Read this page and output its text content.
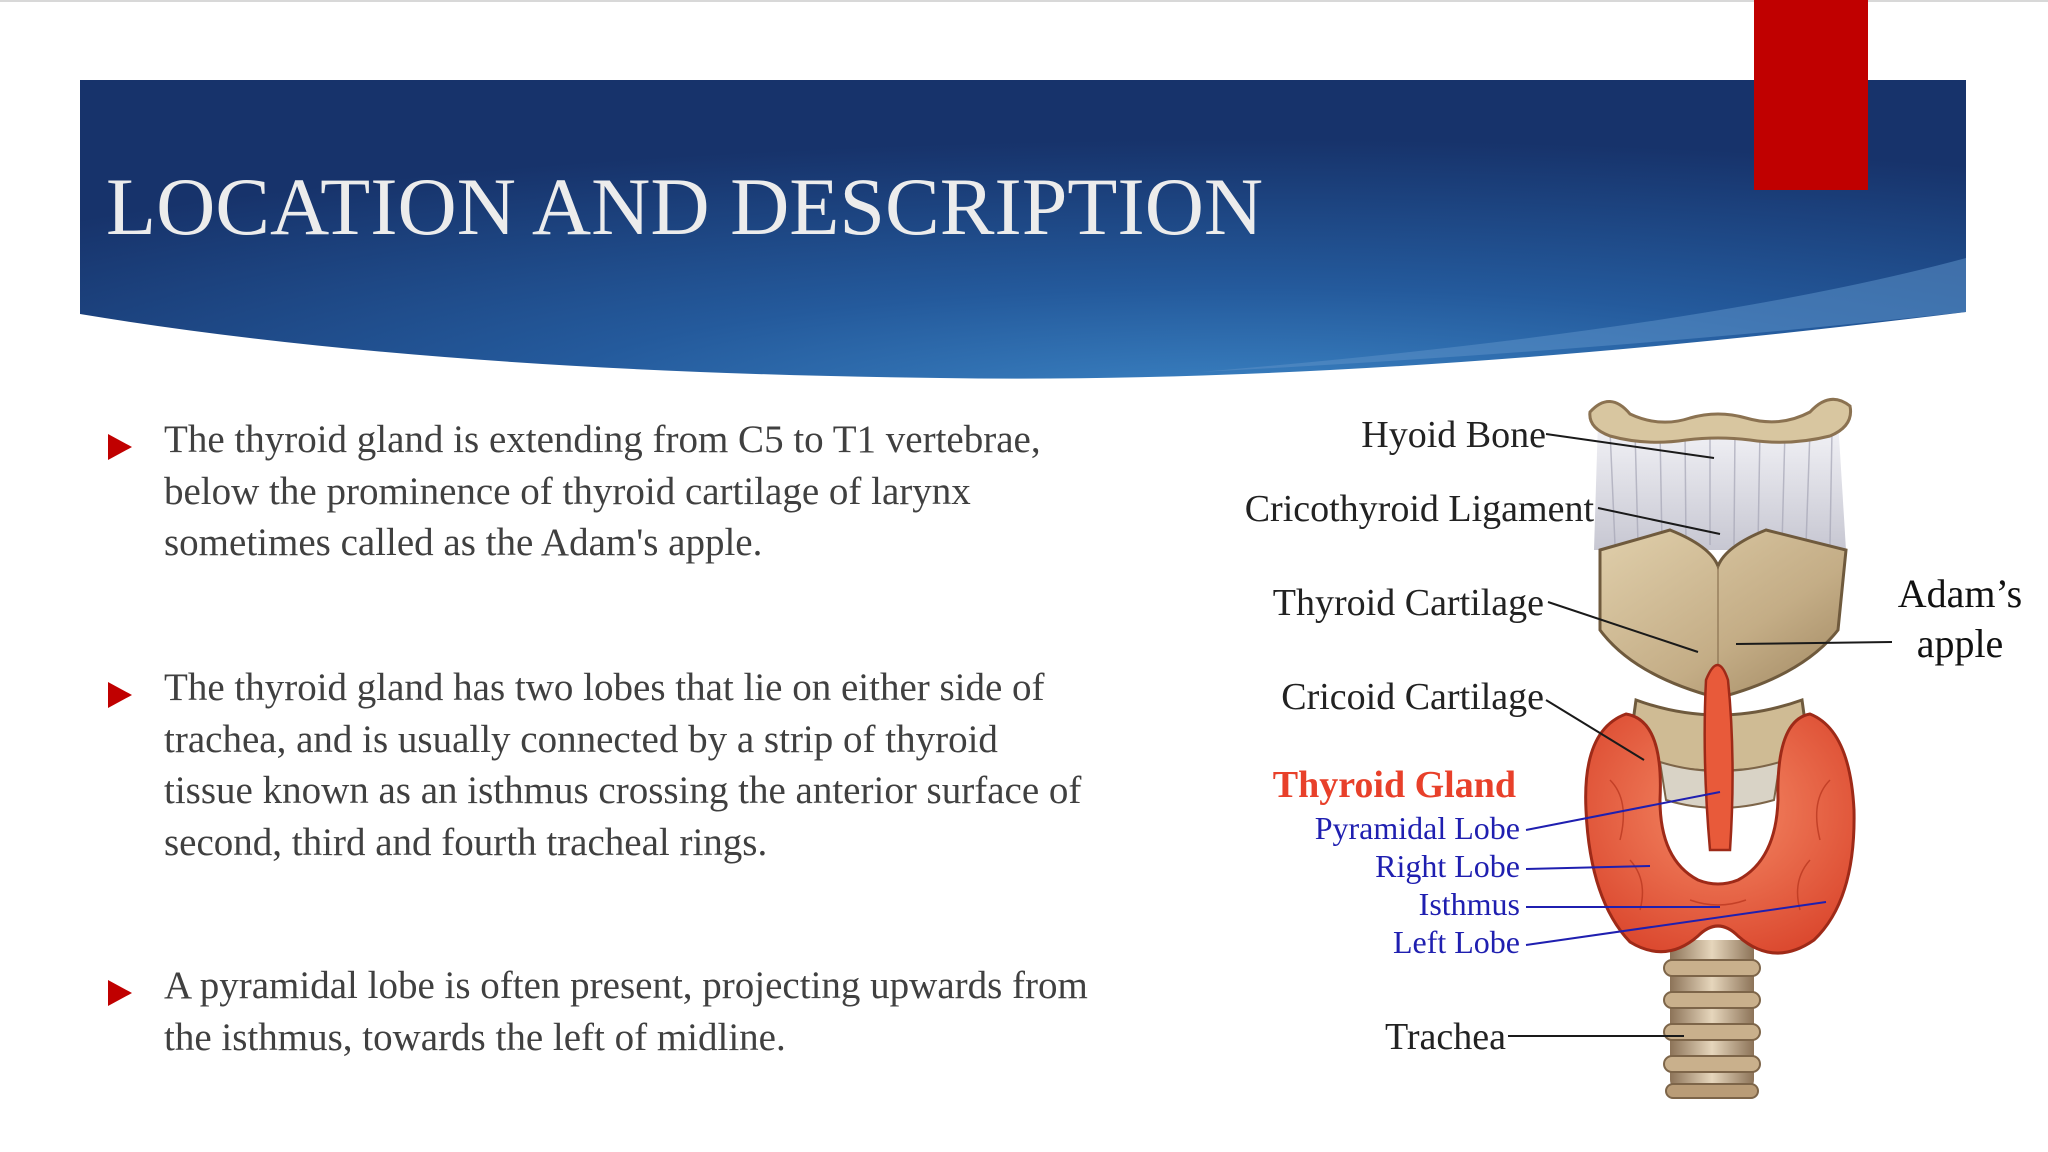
LOCATION AND DESCRIPTION

The thyroid gland is extending from C5 to T1 vertebrae,
below the prominence of thyroid cartilage of larynx
sometimes called as the Adam's apple.

The thyroid gland has two lobes that lie on either side of
trachea, and is usually connected by a strip of thyroid
tissue known as an isthmus crossing the anterior surface of
second, third and fourth tracheal rings.

A pyramidal lobe is often present, projecting upwards from
the isthmus, towards the left of midline.

Hyoid Bone
Cricothyroid Ligament
Thyroid Cartilage
Cricoid Cartilage
Thyroid Gland
Pyramidal Lobe
Right Lobe
Isthmus
Left Lobe
Trachea
Adam’s
apple
